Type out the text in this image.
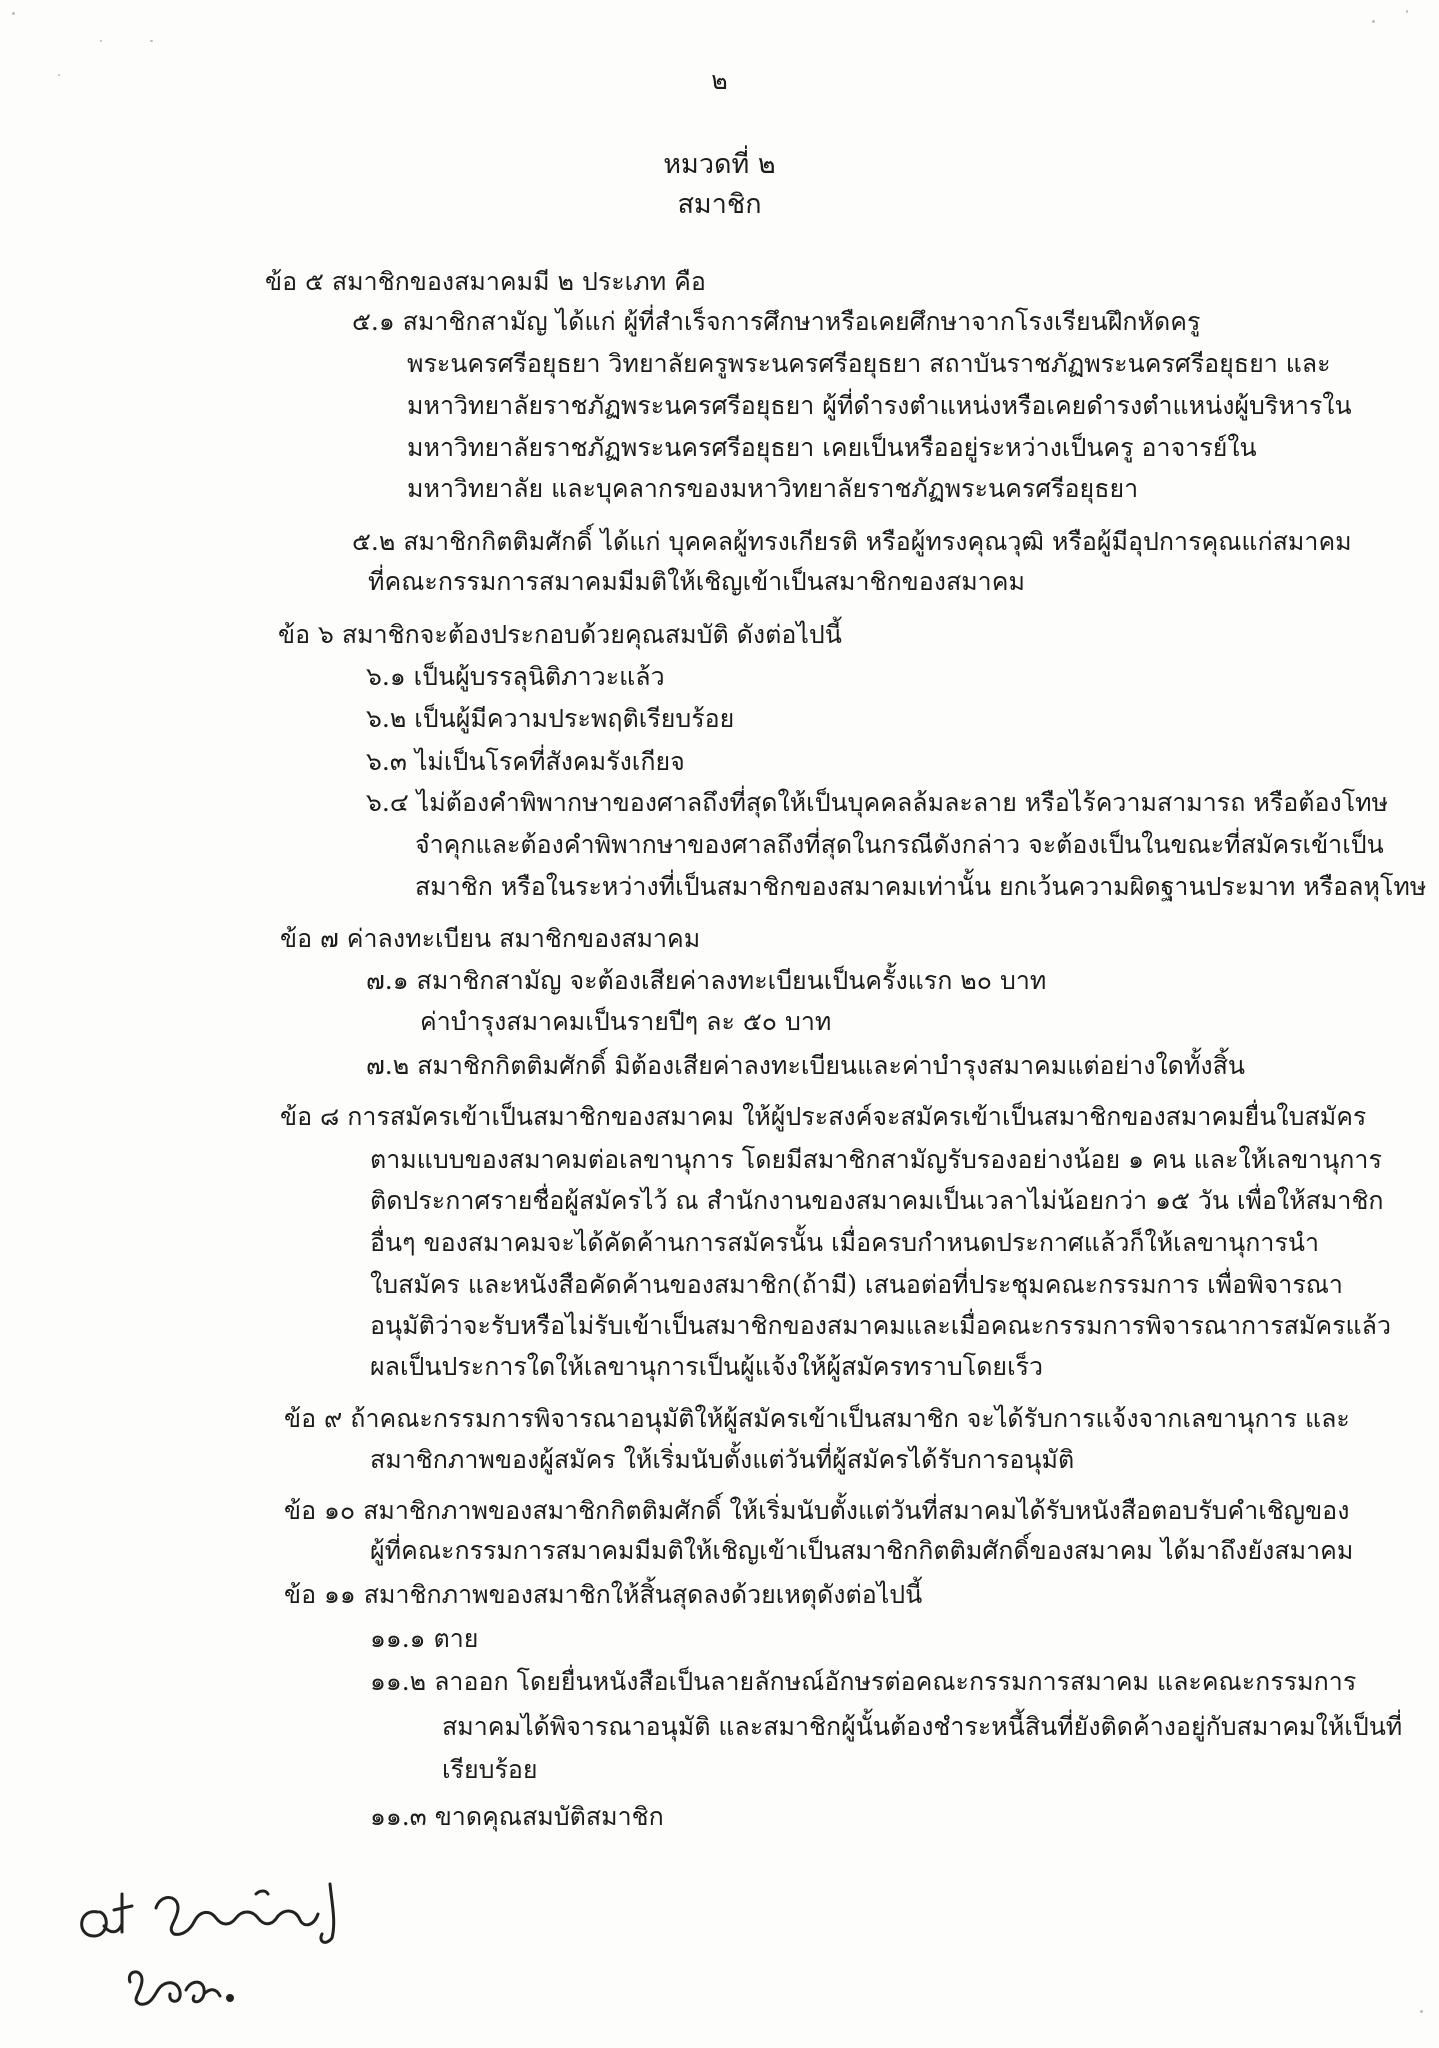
๒
หมวดที่ ๒
สมาชิก
ข้อ ๕ สมาชิกของสมาคมมี ๒ ประเภท คือ
๕.๑ สมาชิกสามัญ ได้แก่ ผู้ที่สำเร็จการศึกษาหรือเคยศึกษาจากโรงเรียนฝึกหัดครู
พระนครศรีอยุธยา วิทยาลัยครูพระนครศรีอยุธยา สถาบันราชภัฏพระนครศรีอยุธยา และ
มหาวิทยาลัยราชภัฏพระนครศรีอยุธยา ผู้ที่ดำรงตำแหน่งหรือเคยดำรงตำแหน่งผู้บริหารใน
มหาวิทยาลัยราชภัฏพระนครศรีอยุธยา เคยเป็นหรืออยู่ระหว่างเป็นครู อาจารย์ใน
มหาวิทยาลัย และบุคลากรของมหาวิทยาลัยราชภัฏพระนครศรีอยุธยา
๕.๒ สมาชิกกิตติมศักดิ์ ได้แก่ บุคคลผู้ทรงเกียรติ หรือผู้ทรงคุณวุฒิ หรือผู้มีอุปการคุณแก่สมาคม
ที่คณะกรรมการสมาคมมีมติให้เชิญเข้าเป็นสมาชิกของสมาคม
ข้อ ๖ สมาชิกจะต้องประกอบด้วยคุณสมบัติ ดังต่อไปนี้
๖.๑ เป็นผู้บรรลุนิติภาวะแล้ว
๖.๒ เป็นผู้มีความประพฤติเรียบร้อย
๖.๓ ไม่เป็นโรคที่สังคมรังเกียจ
๖.๔ ไม่ต้องคำพิพากษาของศาลถึงที่สุดให้เป็นบุคคลล้มละลาย หรือไร้ความสามารถ หรือต้องโทษ
จำคุกและต้องคำพิพากษาของศาลถึงที่สุดในกรณีดังกล่าว จะต้องเป็นในขณะที่สมัครเข้าเป็น
สมาชิก หรือในระหว่างที่เป็นสมาชิกของสมาคมเท่านั้น ยกเว้นความผิดฐานประมาท หรือลหุโทษ
ข้อ ๗ ค่าลงทะเบียน สมาชิกของสมาคม
๗.๑ สมาชิกสามัญ จะต้องเสียค่าลงทะเบียนเป็นครั้งแรก ๒๐ บาท
ค่าบำรุงสมาคมเป็นรายปีๆ ละ ๕๐ บาท
๗.๒ สมาชิกกิตติมศักดิ์ มิต้องเสียค่าลงทะเบียนและค่าบำรุงสมาคมแต่อย่างใดทั้งสิ้น
ข้อ ๘ การสมัครเข้าเป็นสมาชิกของสมาคม ให้ผู้ประสงค์จะสมัครเข้าเป็นสมาชิกของสมาคมยื่นใบสมัคร
ตามแบบของสมาคมต่อเลขานุการ โดยมีสมาชิกสามัญรับรองอย่างน้อย ๑ คน และให้เลขานุการ
ติดประกาศรายชื่อผู้สมัครไว้ ณ สำนักงานของสมาคมเป็นเวลาไม่น้อยกว่า ๑๕ วัน เพื่อให้สมาชิก
อื่นๆ ของสมาคมจะได้คัดค้านการสมัครนั้น เมื่อครบกำหนดประกาศแล้วก็ให้เลขานุการนำ
ใบสมัคร และหนังสือคัดค้านของสมาชิก(ถ้ามี) เสนอต่อที่ประชุมคณะกรรมการ เพื่อพิจารณา
อนุมัติว่าจะรับหรือไม่รับเข้าเป็นสมาชิกของสมาคมและเมื่อคณะกรรมการพิจารณาการสมัครแล้ว
ผลเป็นประการใดให้เลขานุการเป็นผู้แจ้งให้ผู้สมัครทราบโดยเร็ว
ข้อ ๙ ถ้าคณะกรรมการพิจารณาอนุมัติให้ผู้สมัครเข้าเป็นสมาชิก จะได้รับการแจ้งจากเลขานุการ และ
สมาชิกภาพของผู้สมัคร ให้เริ่มนับตั้งแต่วันที่ผู้สมัครได้รับการอนุมัติ
ข้อ ๑๐ สมาชิกภาพของสมาชิกกิตติมศักดิ์ ให้เริ่มนับตั้งแต่วันที่สมาคมได้รับหนังสือตอบรับคำเชิญของ
ผู้ที่คณะกรรมการสมาคมมีมติให้เชิญเข้าเป็นสมาชิกกิตติมศักดิ์ของสมาคม ได้มาถึงยังสมาคม
ข้อ ๑๑ สมาชิกภาพของสมาชิกให้สิ้นสุดลงด้วยเหตุดังต่อไปนี้
๑๑.๑ ตาย
๑๑.๒ ลาออก โดยยื่นหนังสือเป็นลายลักษณ์อักษรต่อคณะกรรมการสมาคม และคณะกรรมการ
สมาคมได้พิจารณาอนุมัติ และสมาชิกผู้นั้นต้องชำระหนี้สินที่ยังติดค้างอยู่กับสมาคมให้เป็นที่
เรียบร้อย
๑๑.๓ ขาดคุณสมบัติสมาชิก
